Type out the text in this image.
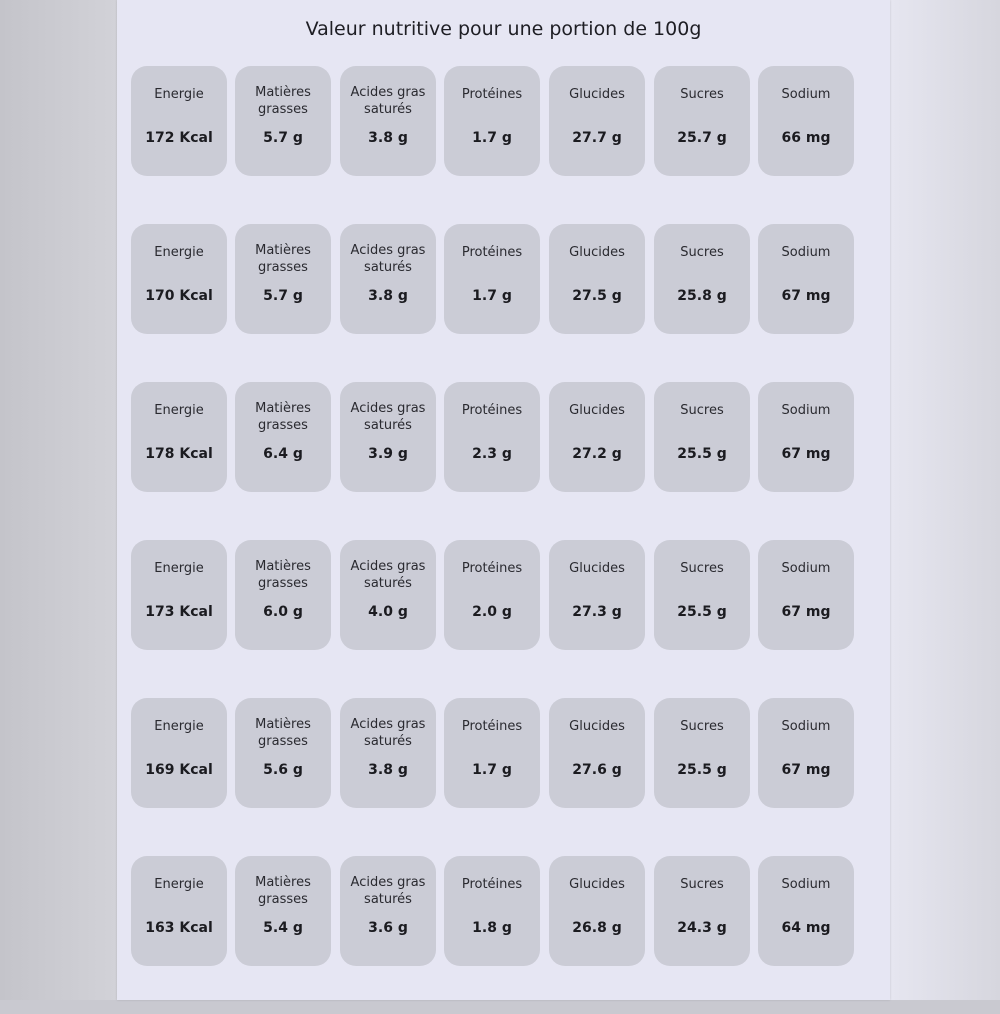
Valeur nutritive pour une portion de 100g
Energie
172 Kcal
Matières grasses
5.7 g
Acides gras saturés
3.8 g
Protéines
1.7 g
Glucides
27.7 g
Sucres
25.7 g
Sodium
66 mg
Energie
170 Kcal
Matières grasses
5.7 g
Acides gras saturés
3.8 g
Protéines
1.7 g
Glucides
27.5 g
Sucres
25.8 g
Sodium
67 mg
Energie
178 Kcal
Matières grasses
6.4 g
Acides gras saturés
3.9 g
Protéines
2.3 g
Glucides
27.2 g
Sucres
25.5 g
Sodium
67 mg
Energie
173 Kcal
Matières grasses
6.0 g
Acides gras saturés
4.0 g
Protéines
2.0 g
Glucides
27.3 g
Sucres
25.5 g
Sodium
67 mg
Energie
169 Kcal
Matières grasses
5.6 g
Acides gras saturés
3.8 g
Protéines
1.7 g
Glucides
27.6 g
Sucres
25.5 g
Sodium
67 mg
Energie
163 Kcal
Matières grasses
5.4 g
Acides gras saturés
3.6 g
Protéines
1.8 g
Glucides
26.8 g
Sucres
24.3 g
Sodium
64 mg
